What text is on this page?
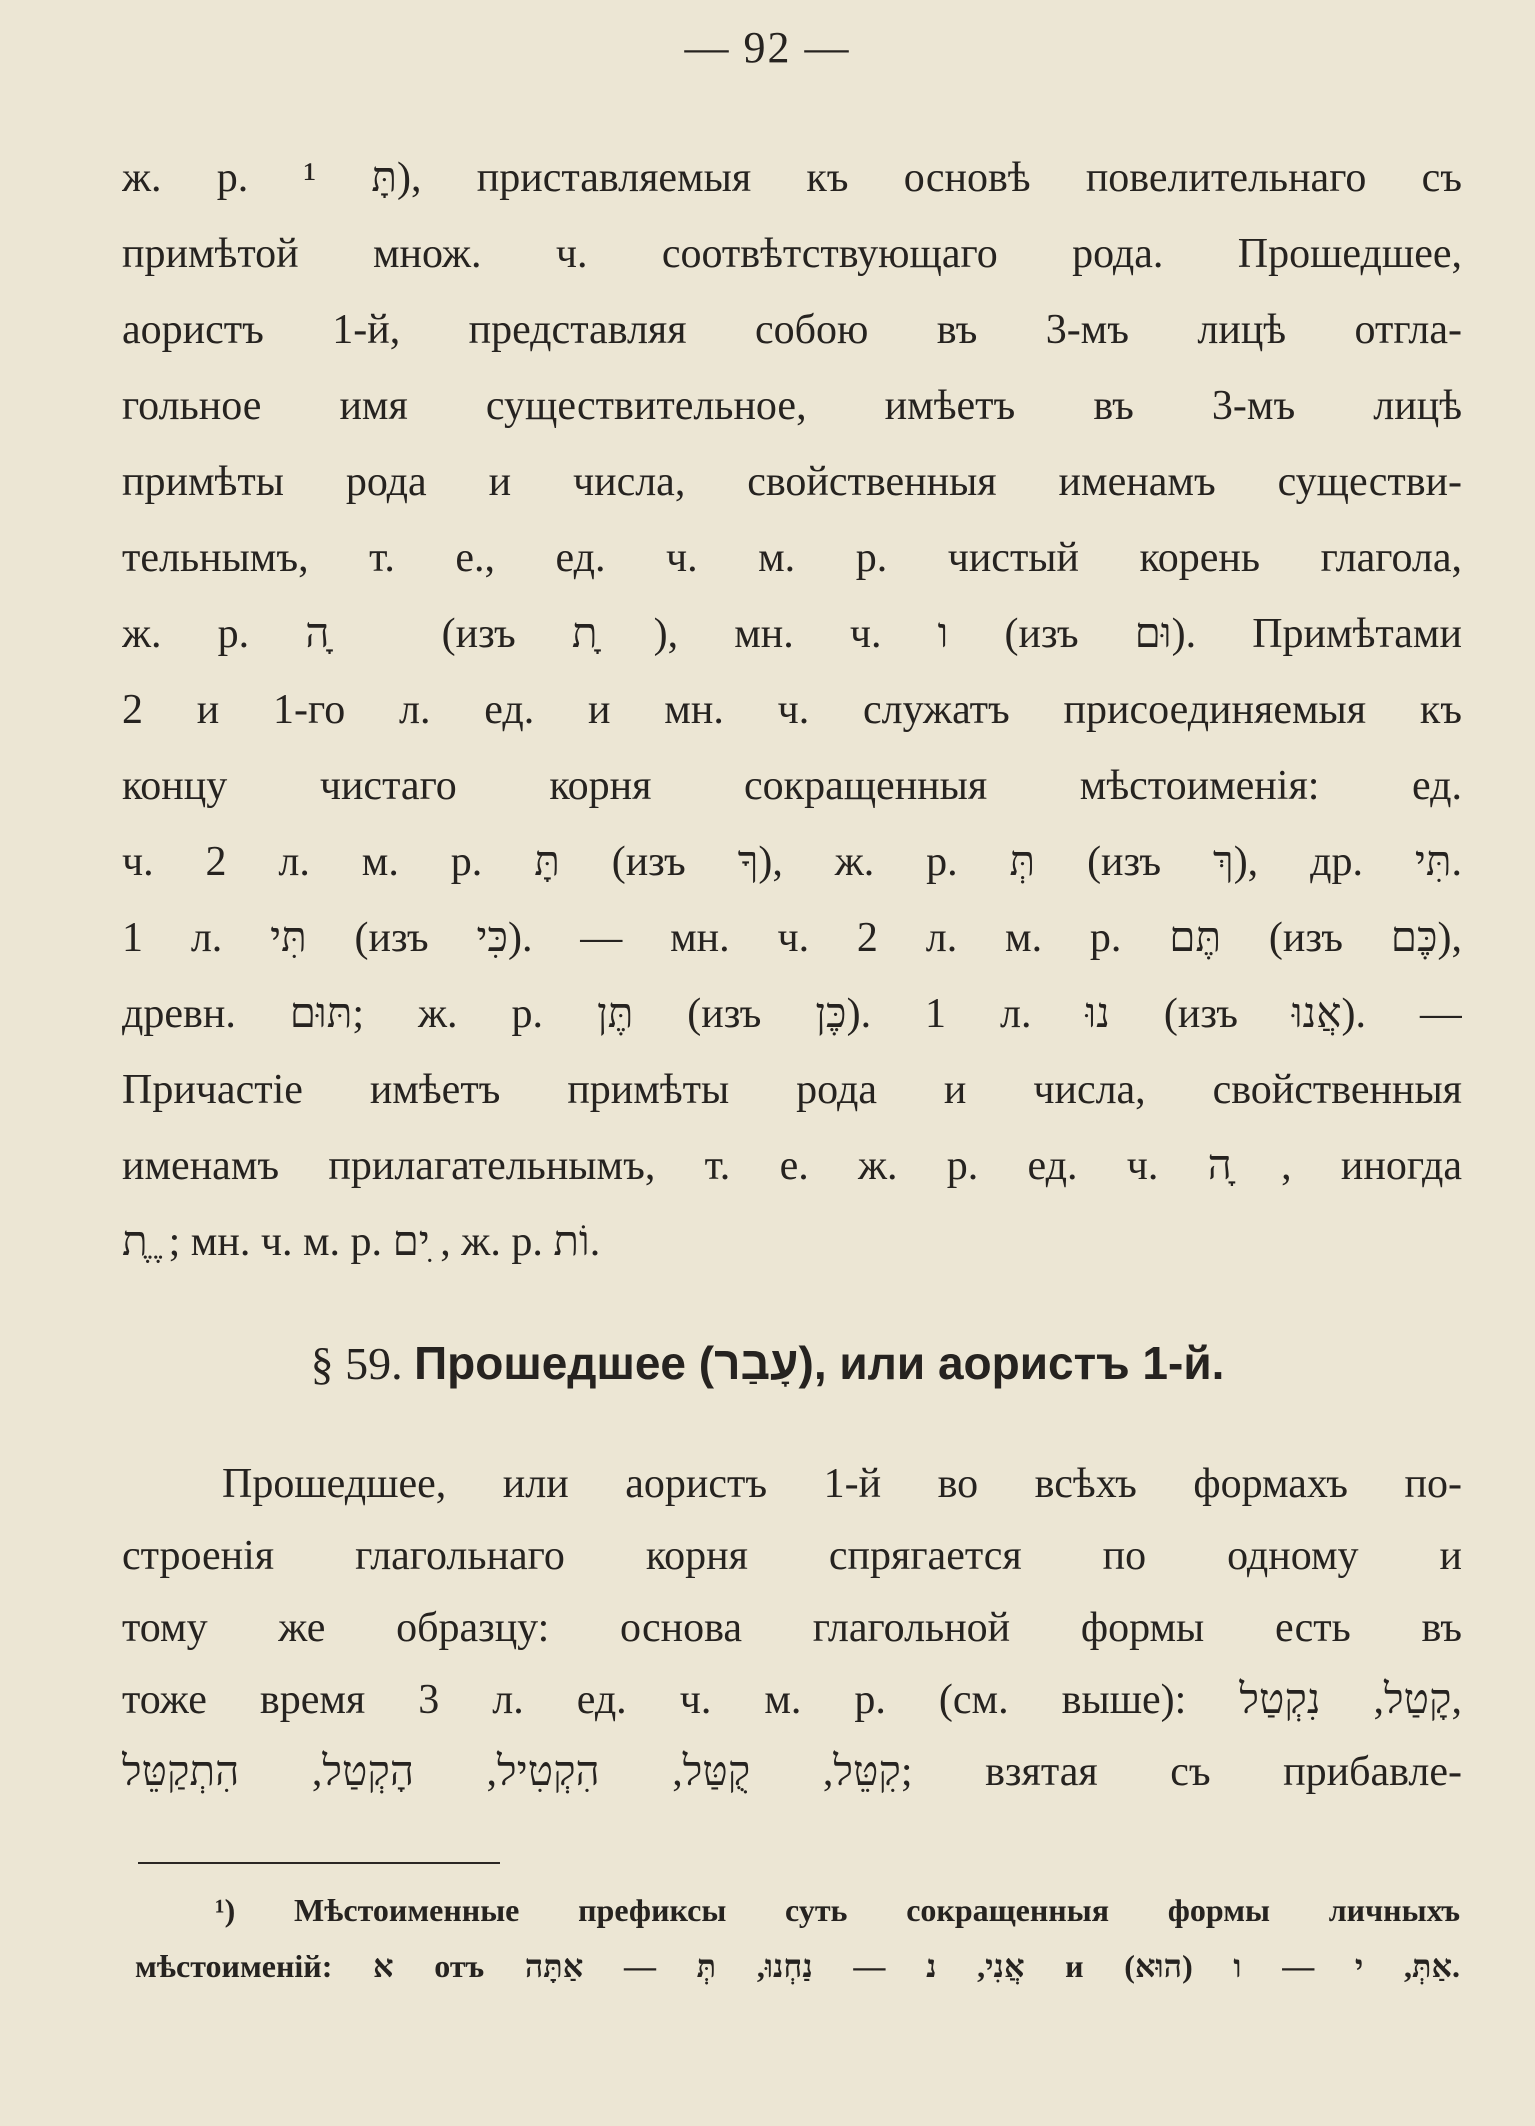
— 92 —
ж. р. תָּ ¹), приставляемыя къ основѣ повелительнаго съ
примѣтой множ. ч. соотвѣтствующаго рода. Прошедшее,
аористъ 1-й, представляя собою въ 3-мъ лицѣ отгла-
гольное имя существительное, имѣетъ въ 3-мъ лицѣ
примѣты рода и числа, свойственныя именамъ существи-
тельнымъ, т. е., ед. ч. м. р. чистый корень глагола,
ж. р. ה ָ (изъ ת ָ), мн. ч. ו (изъ וּם). Примѣтами
2 и 1-го л. ед. и мн. ч. служатъ присоединяемыя къ
концу чистаго корня сокращенныя мѣстоименія: ед.
ч. 2 л. м. р. תָּ (изъ ךָ), ж. р. תְּ (изъ ךְ), др. תִּי.
1 л. תִּי (изъ כִּי). — мн. ч. 2 л. м. р. תֶּם (изъ כֶּם),
древн. תּוּם; ж. р. תֶּן (изъ כֶּן). 1 л. נוּ (изъ אֲנוּ). —
Причастіе имѣетъ примѣты рода и числа, свойственныя
именамъ прилагательнымъ, т. е. ж. р. ед. ч. ה ָ, иногда
ת ֶ ֶ; мн. ч. м. р. ים ִ, ж. р. וֹת.
§ 59. Прошедшее (עָבַר), или аористъ 1-й.
Прошедшее, или аористъ 1-й во всѣхъ формахъ по-
строенія глагольнаго корня спрягается по одному и
тому же образцу: основа глагольной формы есть въ
тоже время 3 л. ед. ч. м. р. (см. выше): קָטַל, נִקְטַל,
קִטֵּל, קֻטַּל, הִקְטִיל, הָקְטַל, הִתְקַטֵּל; взятая съ прибавле-
¹) Мѣстоименные префиксы суть сокращенныя формы личныхъ
мѣстоименій: א отъ אֲנִי, נ — נַחְנוּ, תְּ — אַתָּה и אַתְּ, י — ו (הוּא).
